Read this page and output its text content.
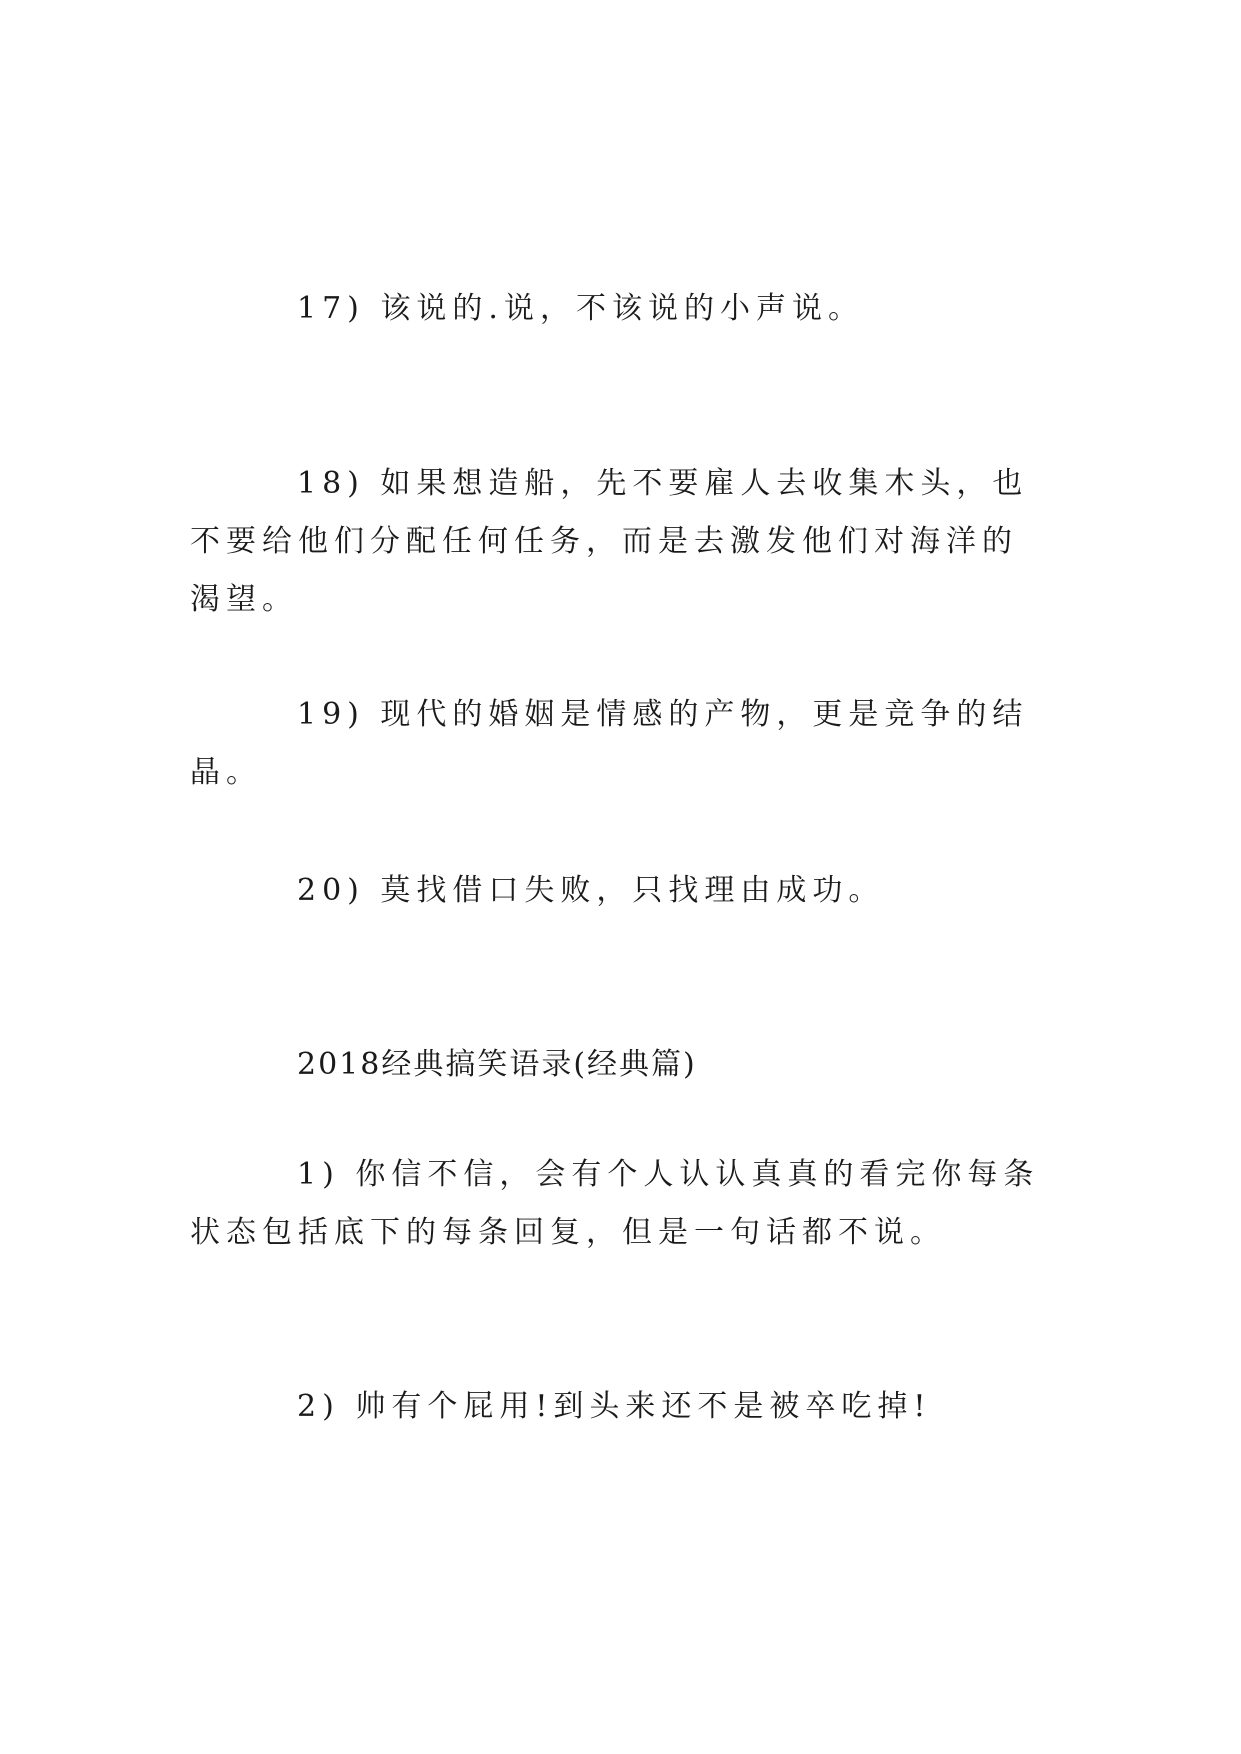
17) 该说的.说，不该说的小声说。

18) 如果想造船，先不要雇人去收集木头，也不要给他们分配任何任务，而是去激发他们对海洋的渴望。

19) 现代的婚姻是情感的产物，更是竞争的结晶。

20) 莫找借口失败，只找理由成功。

2018经典搞笑语录(经典篇)

1) 你信不信，会有个人认认真真的看完你每条状态包括底下的每条回复，但是一句话都不说。

2) 帅有个屁用!到头来还不是被卒吃掉!
